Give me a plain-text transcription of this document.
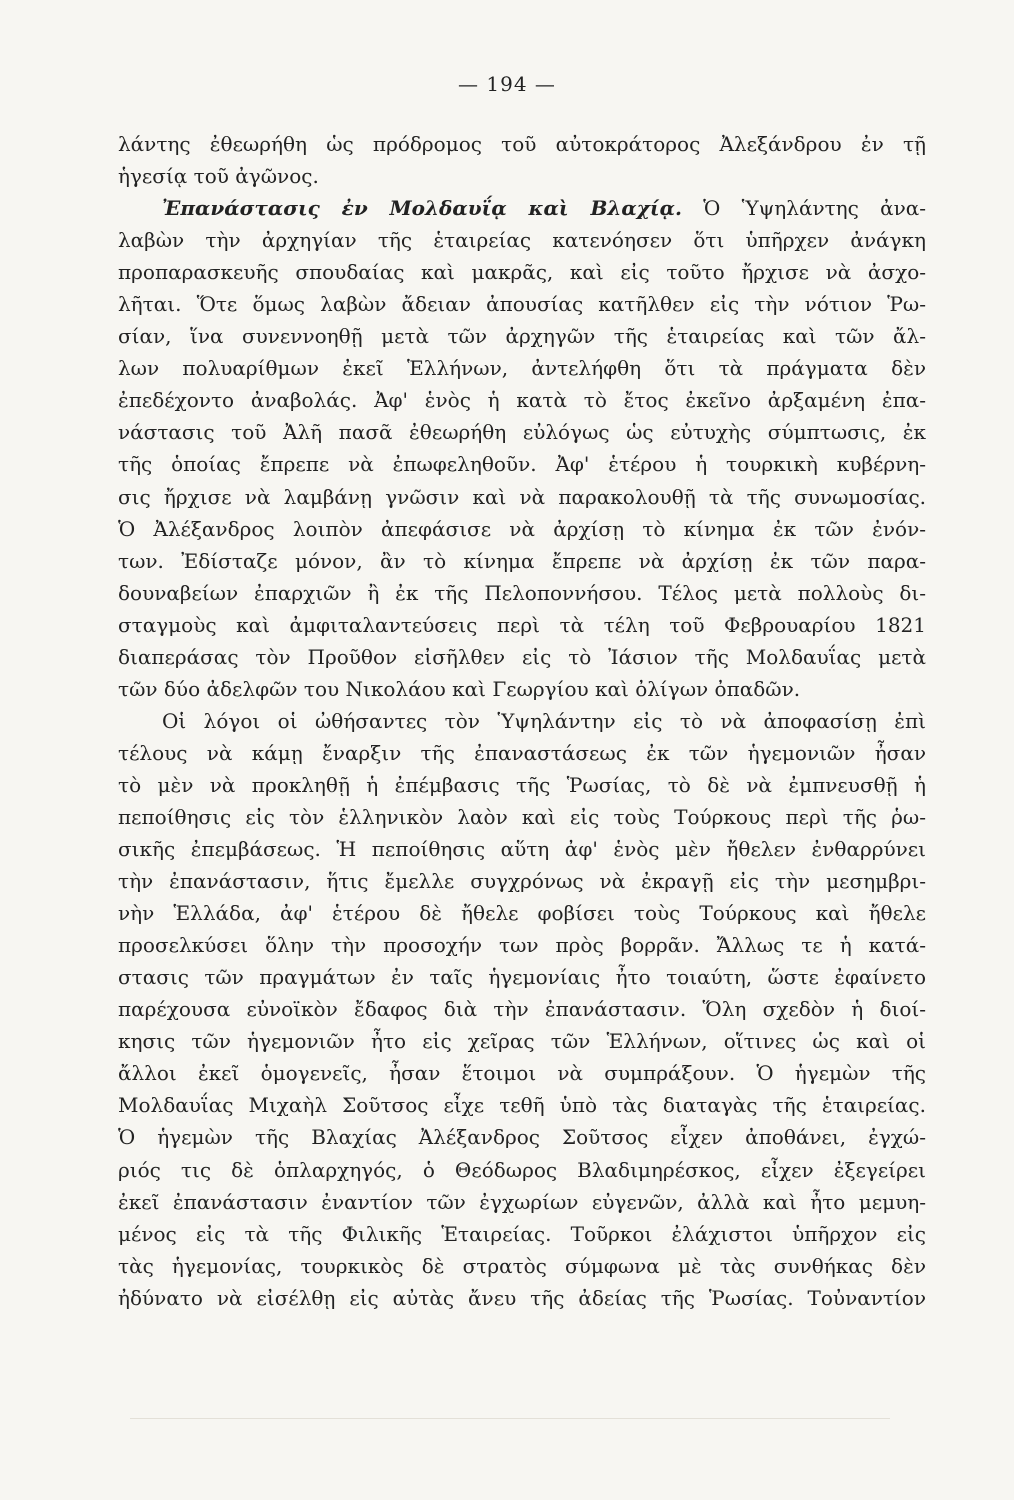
— 194 —
λάντης ἐθεωρήθη ὡς πρόδρομος τοῦ αὐτοκράτορος Ἀλεξάνδρου ἐν τῇ
ἡγεσίᾳ τοῦ ἀγῶνος.
Ἐπανάστασις ἐν Μολδαυΐᾳ καὶ Βλαχίᾳ. Ὁ Ὑψηλάντης ἀνα-
λαβὼν τὴν ἀρχηγίαν τῆς ἑταιρείας κατενόησεν ὅτι ὑπῆρχεν ἀνάγκη
προπαρασκευῆς σπουδαίας καὶ μακρᾶς, καὶ εἰς τοῦτο ἤρχισε νὰ ἀσχο-
λῆται. Ὅτε ὅμως λαβὼν ἄδειαν ἀπουσίας κατῆλθεν εἰς τὴν νότιον Ῥω-
σίαν, ἵνα συνεννοηθῇ μετὰ τῶν ἀρχηγῶν τῆς ἑταιρείας καὶ τῶν ἄλ-
λων πολυαρίθμων ἐκεῖ Ἑλλήνων, ἀντελήφθη ὅτι τὰ πράγματα δὲν
ἐπεδέχοντο ἀναβολάς. Ἀφ' ἑνὸς ἡ κατὰ τὸ ἔτος ἐκεῖνο ἀρξαμένη ἐπα-
νάστασις τοῦ Ἀλῆ πασᾶ ἐθεωρήθη εὐλόγως ὡς εὐτυχὴς σύμπτωσις, ἐκ
τῆς ὁποίας ἔπρεπε νὰ ἐπωφεληθοῦν. Ἀφ' ἑτέρου ἡ τουρκικὴ κυβέρνη-
σις ἤρχισε νὰ λαμβάνῃ γνῶσιν καὶ νὰ παρακολουθῇ τὰ τῆς συνωμοσίας.
Ὁ Ἀλέξανδρος λοιπὸν ἀπεφάσισε νὰ ἀρχίσῃ τὸ κίνημα ἐκ τῶν ἐνόν-
των. Ἐδίσταζε μόνον, ἂν τὸ κίνημα ἔπρεπε νὰ ἀρχίσῃ ἐκ τῶν παρα-
δουναβείων ἐπαρχιῶν ἢ ἐκ τῆς Πελοποννήσου. Τέλος μετὰ πολλοὺς δι-
σταγμοὺς καὶ ἀμφιταλαντεύσεις περὶ τὰ τέλη τοῦ Φεβρουαρίου 1821
διαπεράσας τὸν Προῦθον εἰσῆλθεν εἰς τὸ Ἰάσιον τῆς Μολδαυΐας μετὰ
τῶν δύο ἀδελφῶν του Νικολάου καὶ Γεωργίου καὶ ὀλίγων ὀπαδῶν.
Οἱ λόγοι οἱ ὠθήσαντες τὸν Ὑψηλάντην εἰς τὸ νὰ ἀποφασίσῃ ἐπὶ
τέλους νὰ κάμῃ ἔναρξιν τῆς ἐπαναστάσεως ἐκ τῶν ἡγεμονιῶν ἦσαν
τὸ μὲν νὰ προκληθῇ ἡ ἐπέμβασις τῆς Ῥωσίας, τὸ δὲ νὰ ἐμπνευσθῇ ἡ
πεποίθησις εἰς τὸν ἑλληνικὸν λαὸν καὶ εἰς τοὺς Τούρκους περὶ τῆς ῥω-
σικῆς ἐπεμβάσεως. Ἡ πεποίθησις αὕτη ἀφ' ἑνὸς μὲν ἤθελεν ἐνθαρρύνει
τὴν ἐπανάστασιν, ἥτις ἔμελλε συγχρόνως νὰ ἐκραγῇ εἰς τὴν μεσημβρι-
νὴν Ἑλλάδα, ἀφ' ἑτέρου δὲ ἤθελε φοβίσει τοὺς Τούρκους καὶ ἤθελε
προσελκύσει ὅλην τὴν προσοχήν των πρὸς βορρᾶν. Ἄλλως τε ἡ κατά-
στασις τῶν πραγμάτων ἐν ταῖς ἡγεμονίαις ἦτο τοιαύτη, ὥστε ἐφαίνετο
παρέχουσα εὐνοϊκὸν ἔδαφος διὰ τὴν ἐπανάστασιν. Ὅλη σχεδὸν ἡ διοί-
κησις τῶν ἡγεμονιῶν ἦτο εἰς χεῖρας τῶν Ἑλλήνων, οἵτινες ὡς καὶ οἱ
ἄλλοι ἐκεῖ ὁμογενεῖς, ἦσαν ἕτοιμοι νὰ συμπράξουν. Ὁ ἡγεμὼν τῆς
Μολδαυΐας Μιχαὴλ Σοῦτσος εἶχε τεθῆ ὑπὸ τὰς διαταγὰς τῆς ἑταιρείας.
Ὁ ἡγεμὼν τῆς Βλαχίας Ἀλέξανδρος Σοῦτσος εἶχεν ἀποθάνει, ἐγχώ-
ριός τις δὲ ὁπλαρχηγός, ὁ Θεόδωρος Βλαδιμηρέσκος, εἶχεν ἐξεγείρει
ἐκεῖ ἐπανάστασιν ἐναντίον τῶν ἐγχωρίων εὐγενῶν, ἀλλὰ καὶ ἦτο μεμυη-
μένος εἰς τὰ τῆς Φιλικῆς Ἑταιρείας. Τοῦρκοι ἐλάχιστοι ὑπῆρχον εἰς
τὰς ἡγεμονίας, τουρκικὸς δὲ στρατὸς σύμφωνα μὲ τὰς συνθήκας δὲν
ἠδύνατο νὰ εἰσέλθῃ εἰς αὐτὰς ἄνευ τῆς ἀδείας τῆς Ῥωσίας. Τοὐναντίον
